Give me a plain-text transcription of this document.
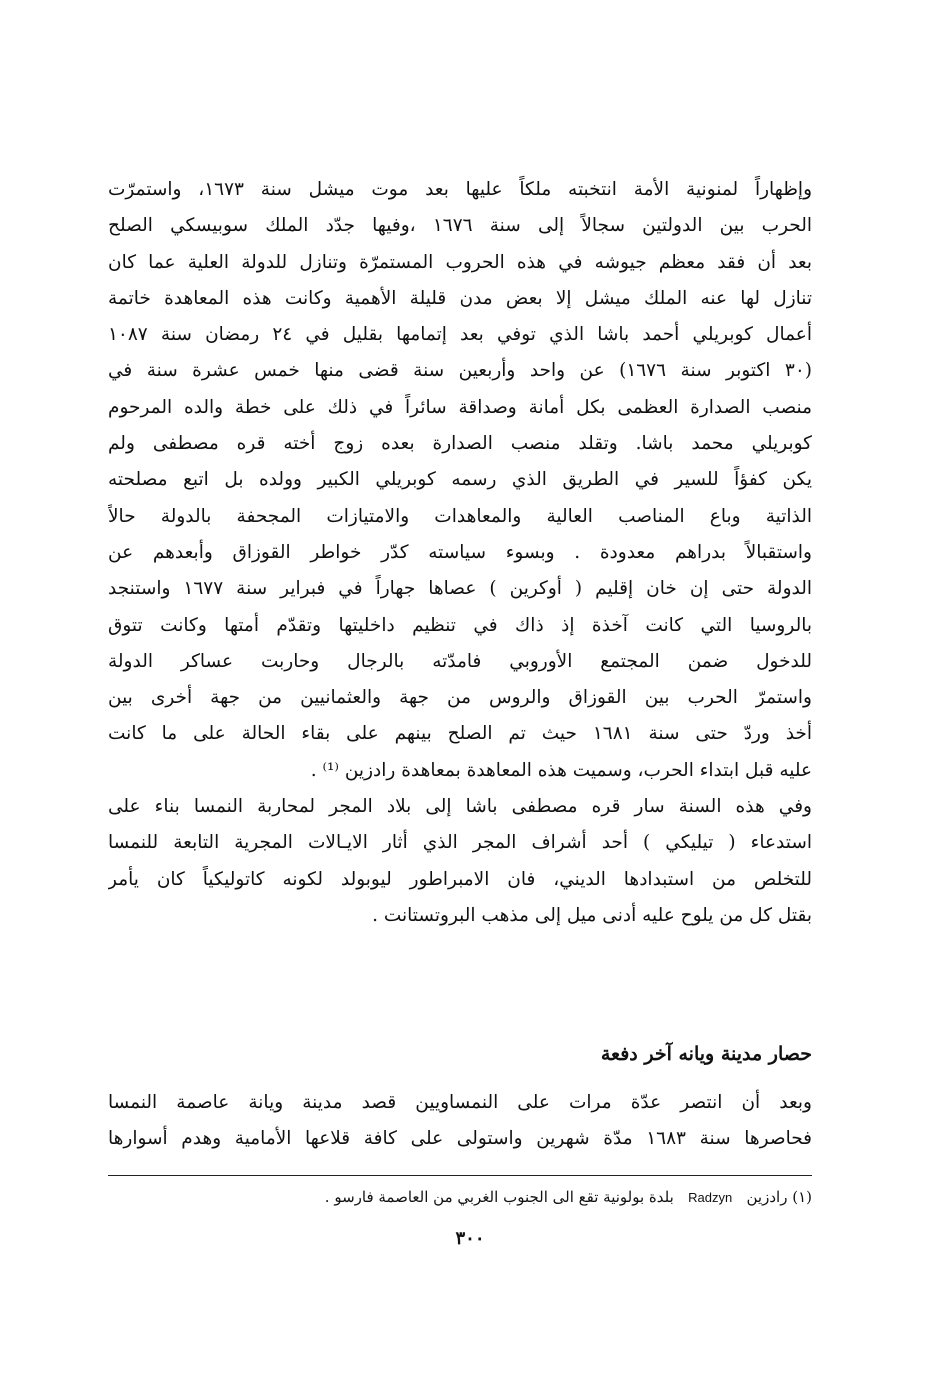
وإظهاراً لمنونية الأمة انتخبته ملكاً عليها بعد موت ميشل سنة ١٦٧٣، واستمرّت
الحرب بين الدولتين سجالاً إلى سنة ١٦٧٦ ،وفيها جدّد الملك سوبيسكي الصلح
بعد أن فقد معظم جيوشه في هذه الحروب المستمرّة وتنازل للدولة العلية عما كان
تنازل لها عنه الملك ميشل إلا بعض مدن قليلة الأهمية وكانت هذه المعاهدة خاتمة
أعمال كوبريلي أحمد باشا الذي توفي بعد إتمامها بقليل في ٢٤ رمضان سنة ١٠٨٧
(٣٠ اكتوبر سنة ١٦٧٦) عن واحد وأربعين سنة قضى منها خمس عشرة سنة في
منصب الصدارة العظمى بكل أمانة وصداقة سائراً في ذلك على خطة والده المرحوم
كوبريلي محمد باشا. وتقلد منصب الصدارة بعده زوج أخته قره مصطفى ولم
يكن كفؤاً للسير في الطريق الذي رسمه كوبريلي الكبير وولده بل اتبع مصلحته
الذاتية وباع المناصب العالية والمعاهدات والامتيازات المجحفة بالدولة حالاً
واستقبالاً بدراهم معدودة . وبسوء سياسته كدّر خواطر القوزاق وأبعدهم عن
الدولة حتى إن خان إقليم ( أوكرين ) عصاها جهاراً في فبراير سنة ١٦٧٧ واستنجد
بالروسيا التي كانت آخذة إذ ذاك في تنظيم داخليتها وتقدّم أمتها وكانت تتوق
للدخول ضمن المجتمع الأوروبي فامدّته بالرجال وحاربت عساكر الدولة
واستمرّ الحرب بين القوزاق والروس من جهة والعثمانيين من جهة أخرى بين
أخذ وردّ حتى سنة ١٦٨١ حيث تم الصلح بينهم على بقاء الحالة على ما كانت
عليه قبل ابتداء الحرب، وسميت هذه المعاهدة بمعاهدة رادزين ⁽¹⁾ .
وفي هذه السنة سار قره مصطفى باشا إلى بلاد المجر لمحاربة النمسا بناء على
استدعاء ( تيليكي ) أحد أشراف المجر الذي أثار الايـالات المجرية التابعة للنمسا
للتخلص من استبدادها الديني، فان الامبراطور ليوبولد لكونه كاتوليكياً كان يأمر
بقتل كل من يلوح عليه أدنى ميل إلى مذهب البروتستانت .
حصار مدينة ويانه آخر دفعة
وبعد أن انتصر عدّة مرات على النمساويين قصد مدينة ويانة عاصمة النمسا
فحاصرها سنة ١٦٨٣ مدّة شهرين واستولى على كافة قلاعها الأمامية وهدم أسوارها
(١) رادزين   Radzyn   بلدة بولونية تقع الى الجنوب الغربي من العاصمة فارسو .
٣٠٠
